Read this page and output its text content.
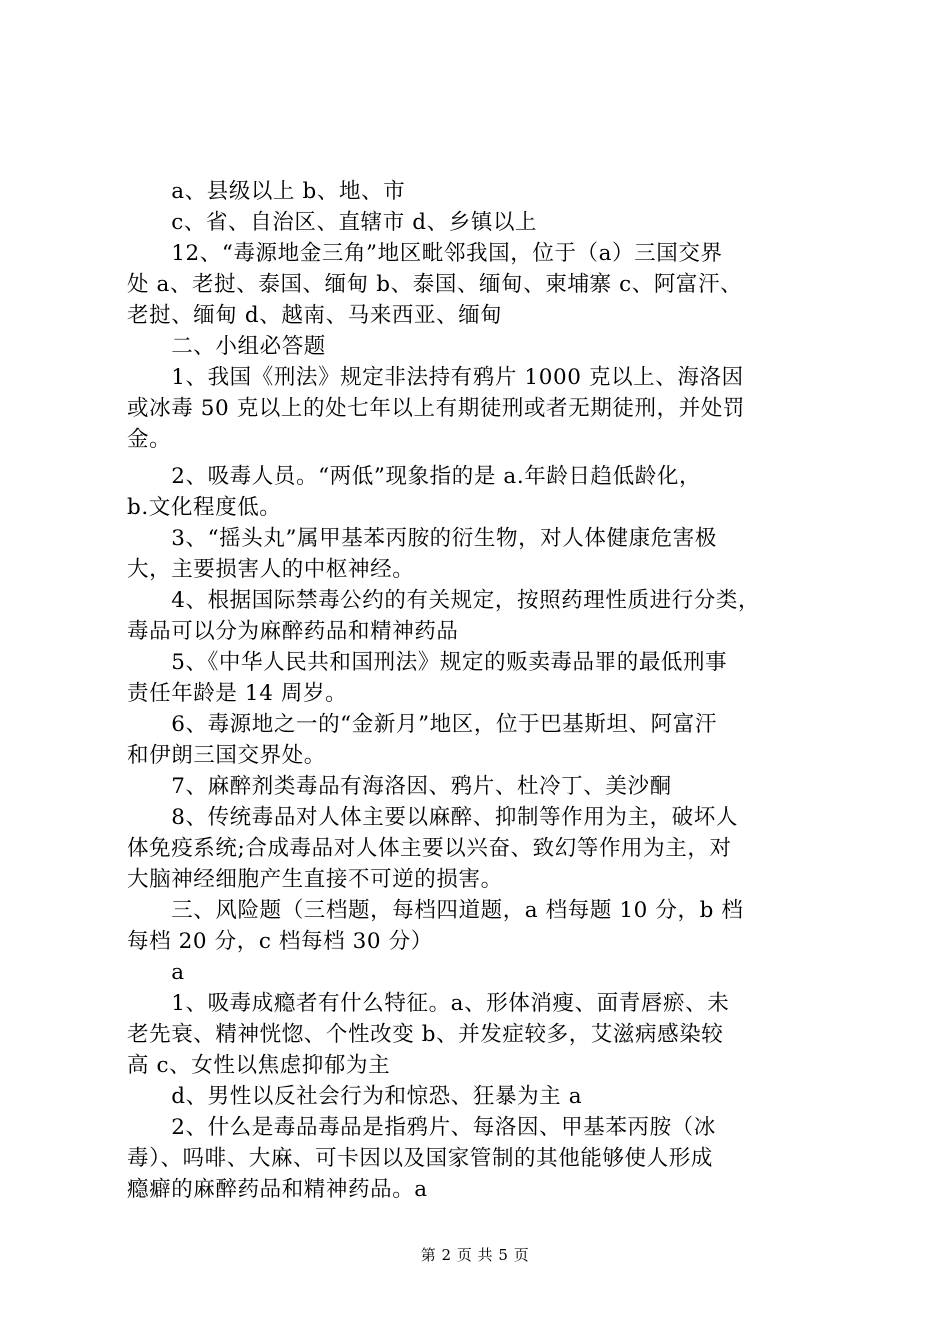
　　a、县级以上 b、地、市
　　c、省、自治区、直辖市 d、乡镇以上
　　12、“毒源地金三角”地区毗邻我国，位于（a）三国交界
处 a、老挝、泰国、缅甸 b、泰国、缅甸、柬埔寨 c、阿富汗、
老挝、缅甸 d、越南、马来西亚、缅甸
　　二、小组必答题
　　1、我国《刑法》规定非法持有鸦片 1000 克以上、海洛因
或冰毒 50 克以上的处七年以上有期徒刑或者无期徒刑，并处罚
金。
　　2、吸毒人员。“两低”现象指的是 a.年龄日趋低龄化，
b.文化程度低。
　　3、“摇头丸”属甲基苯丙胺的衍生物，对人体健康危害极
大，主要损害人的中枢神经。
　　4、根据国际禁毒公约的有关规定，按照药理性质进行分类，
毒品可以分为麻醉药品和精神药品
　　5、《中华人民共和国刑法》规定的贩卖毒品罪的最低刑事
责任年龄是 14 周岁。
　　6、毒源地之一的“金新月”地区，位于巴基斯坦、阿富汗
和伊朗三国交界处。
　　7、麻醉剂类毒品有海洛因、鸦片、杜冷丁、美沙酮
　　8、传统毒品对人体主要以麻醉、抑制等作用为主，破坏人
体免疫系统;合成毒品对人体主要以兴奋、致幻等作用为主，对
大脑神经细胞产生直接不可逆的损害。
　　三、风险题（三档题，每档四道题，a 档每题 10 分，b 档
每档 20 分，c 档每档 30 分）
　　a
　　1、吸毒成瘾者有什么特征。a、形体消瘦、面青唇瘀、未
老先衰、精神恍惚、个性改变 b、并发症较多，艾滋病感染较
高 c、女性以焦虑抑郁为主
　　d、男性以反社会行为和惊恐、狂暴为主 a
　　2、什么是毒品毒品是指鸦片、每洛因、甲基苯丙胺（冰
毒）、吗啡、大麻、可卡因以及国家管制的其他能够使人形成
瘾癖的麻醉药品和精神药品。a
第 2 页 共 5 页
